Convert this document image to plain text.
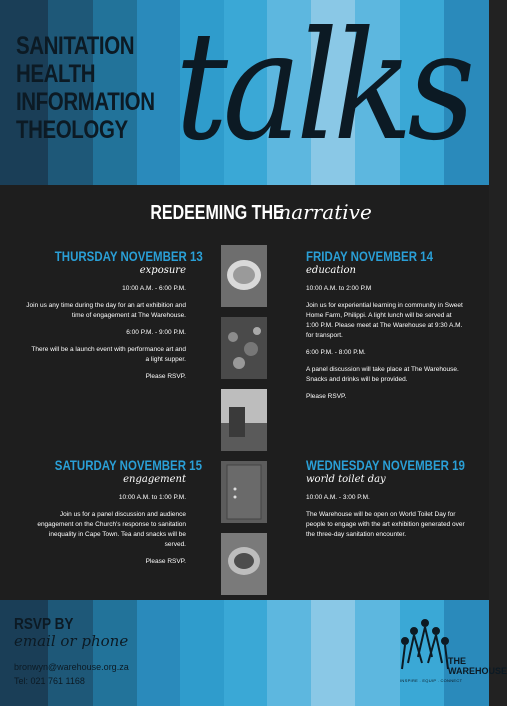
SANITATION
HEALTH
INFORMATION
THEOLOGY talks
REDEEMING THE narrative
THURSDAY NOVEMBER 13
exposure

10:00 A.M. - 6:00 P.M.

Join us any time during the day for an art exhibition and time of engagement at The Warehouse.

6:00 P.M. - 9:00 P.M.

There will be a launch event with performance art and a light supper.

Please RSVP.

FRIDAY NOVEMBER 14
education

10:00 A.M. to 2:00 P.M

Join us for experiential learning in community in Sweet Home Farm, Philippi. A light lunch will be served at 1:00 P.M. Please meet at The Warehouse at 9:30 A.M. for transport.

6:00 P.M. - 8:00 P.M.

A panel discussion will take place at The Warehouse. Snacks and drinks will be provided.

Please RSVP.

SATURDAY NOVEMBER 15
engagement

10:00 A.M. to 1:00 P.M.

Join us for a panel discussion and audience engagement on the Church's response to sanitation inequality in Cape Town. Tea and snacks will be served.

Please RSVP.

WEDNESDAY NOVEMBER 19
world toilet day

10:00 A.M. - 3:00 P.M.

The Warehouse will be open on World Toilet Day for people to engage with the art exhibition generated over the three-day sanitation encounter.

RSVP BY
email or phone
bronwyn@warehouse.org.za
Tel: 021 761 1168
THE
WAREHOUSE
INSPIRE . EQUIP . CONNECT
